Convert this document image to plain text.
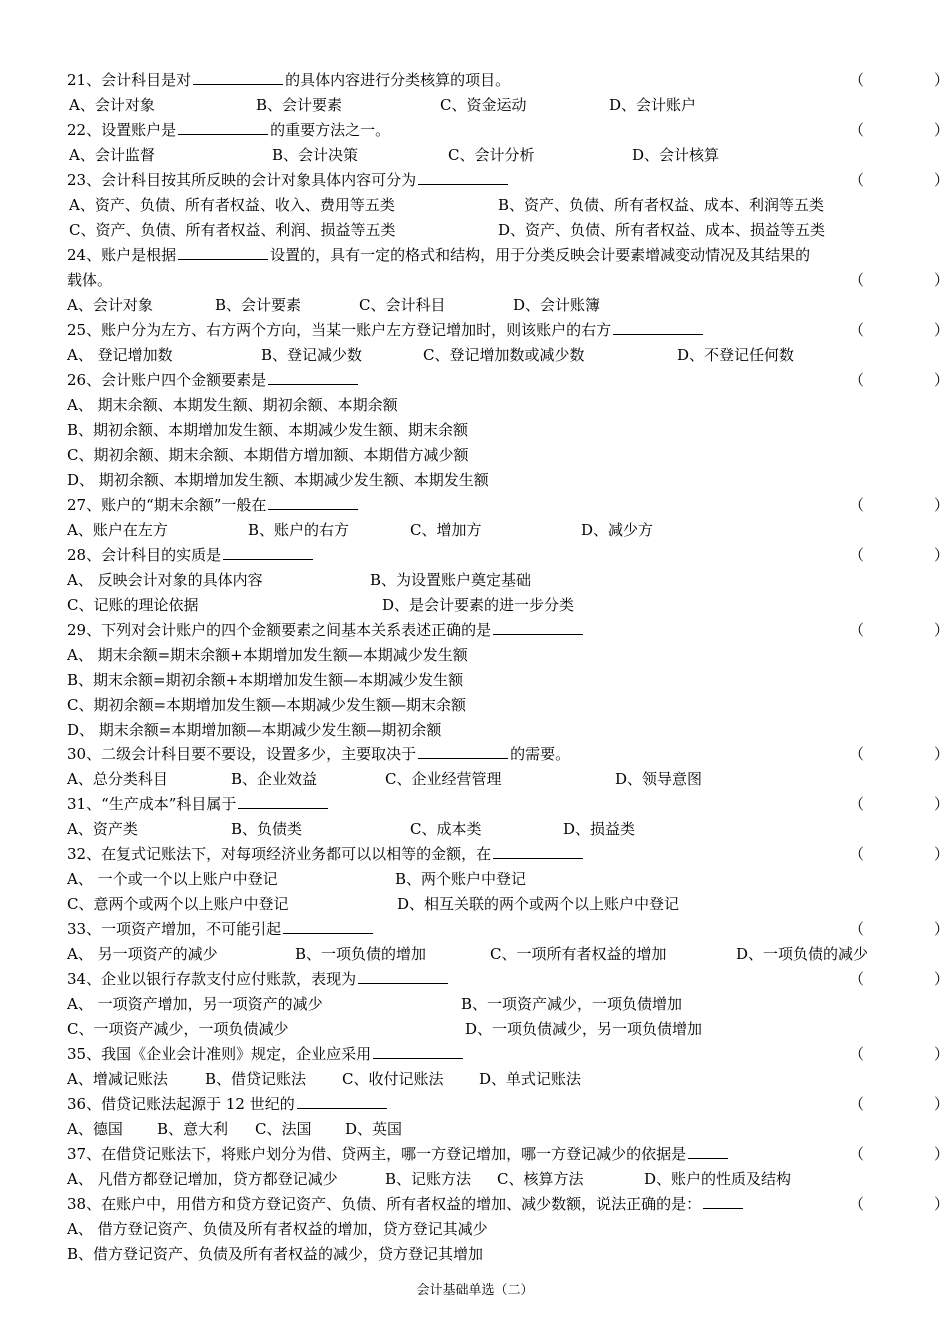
21、会计科目是对	的具体内容进行分类核算的项目。	（	）
A、会计对象	B、会计要素	C、资金运动	D、会计账户
22、设置账户是	的重要方法之一。	（	）
A、会计监督	B、会计决策	C、会计分析	D、会计核算
23、会计科目按其所反映的会计对象具体内容可分为	（	）
A、资产、负债、所有者权益、收入、费用等五类	B、资产、负债、所有者权益、成本、利润等五类
C、资产、负债、所有者权益、利润、损益等五类	D、资产、负债、所有者权益、成本、损益等五类
24、账户是根据	设置的，具有一定的格式和结构，用于分类反映会计要素增减变动情况及其结果的
载体。	（	）
A、会计对象	B、会计要素	C、会计科目	D、会计账簿
25、账户分为左方、右方两个方向，当某一账户左方登记增加时，则该账户的右方	（	）
A、 登记增加数	B、登记减少数	C、登记增加数或减少数	D、不登记任何数
26、会计账户四个金额要素是	（	）
A、 期末余额、本期发生额、期初余额、本期余额
B、期初余额、本期增加发生额、本期减少发生额、期末余额
C、期初余额、期末余额、本期借方增加额、本期借方减少额
D、 期初余额、本期增加发生额、本期减少发生额、本期发生额
27、账户的“期末余额”一般在	（	）
A、账户在左方	B、账户的右方	C、增加方	D、减少方
28、会计科目的实质是	（	）
A、 反映会计对象的具体内容	B、为设置账户奠定基础
C、记账的理论依据	D、是会计要素的进一步分类
29、下列对会计账户的四个金额要素之间基本关系表述正确的是	（	）
A、 期末余额=期末余额+本期增加发生额—本期减少发生额
B、期末余额=期初余额+本期增加发生额—本期减少发生额
C、期初余额=本期增加发生额—本期减少发生额—期末余额
D、 期末余额=本期增加额—本期减少发生额—期初余额
30、二级会计科目要不要设，设置多少，主要取决于	的需要。	（	）
A、总分类科目	B、企业效益	C、企业经营管理	D、领导意图
31、“生产成本”科目属于	（	）
A、资产类	B、负债类	C、成本类	D、损益类
32、在复式记账法下，对每项经济业务都可以以相等的金额，在	（	）
A、 一个或一个以上账户中登记	B、两个账户中登记
C、意两个或两个以上账户中登记	D、相互关联的两个或两个以上账户中登记
33、一项资产增加，不可能引起	（	）
A、 另一项资产的减少	B、一项负债的增加	C、一项所有者权益的增加	D、一项负债的减少
34、企业以银行存款支付应付账款，表现为	（	）
A、 一项资产增加，另一项资产的减少	B、一项资产减少，一项负债增加
C、一项资产减少，一项负债减少	D、一项负债减少，另一项负债增加
35、我国《企业会计准则》规定，企业应采用	（	）
A、增减记账法 B、借贷记账法 C、收付记账法 D、单式记账法
36、借贷记账法起源于 12 世纪的	（	）
A、德国 B、意大利 C、法国 D、英国
37、在借贷记账法下，将账户划分为借、贷两主，哪一方登记增加，哪一方登记减少的依据是	（	）
A、 凡借方都登记增加，贷方都登记减少	B、记账方法 C、核算方法	D、账户的性质及结构
38、在账户中，用借方和贷方登记资产、负债、所有者权益的增加、减少数额，说法正确的是：	（	）
A、 借方登记资产、负债及所有者权益的增加，贷方登记其减少
B、借方登记资产、负债及所有者权益的减少，贷方登记其增加
会计基础单选（二）
